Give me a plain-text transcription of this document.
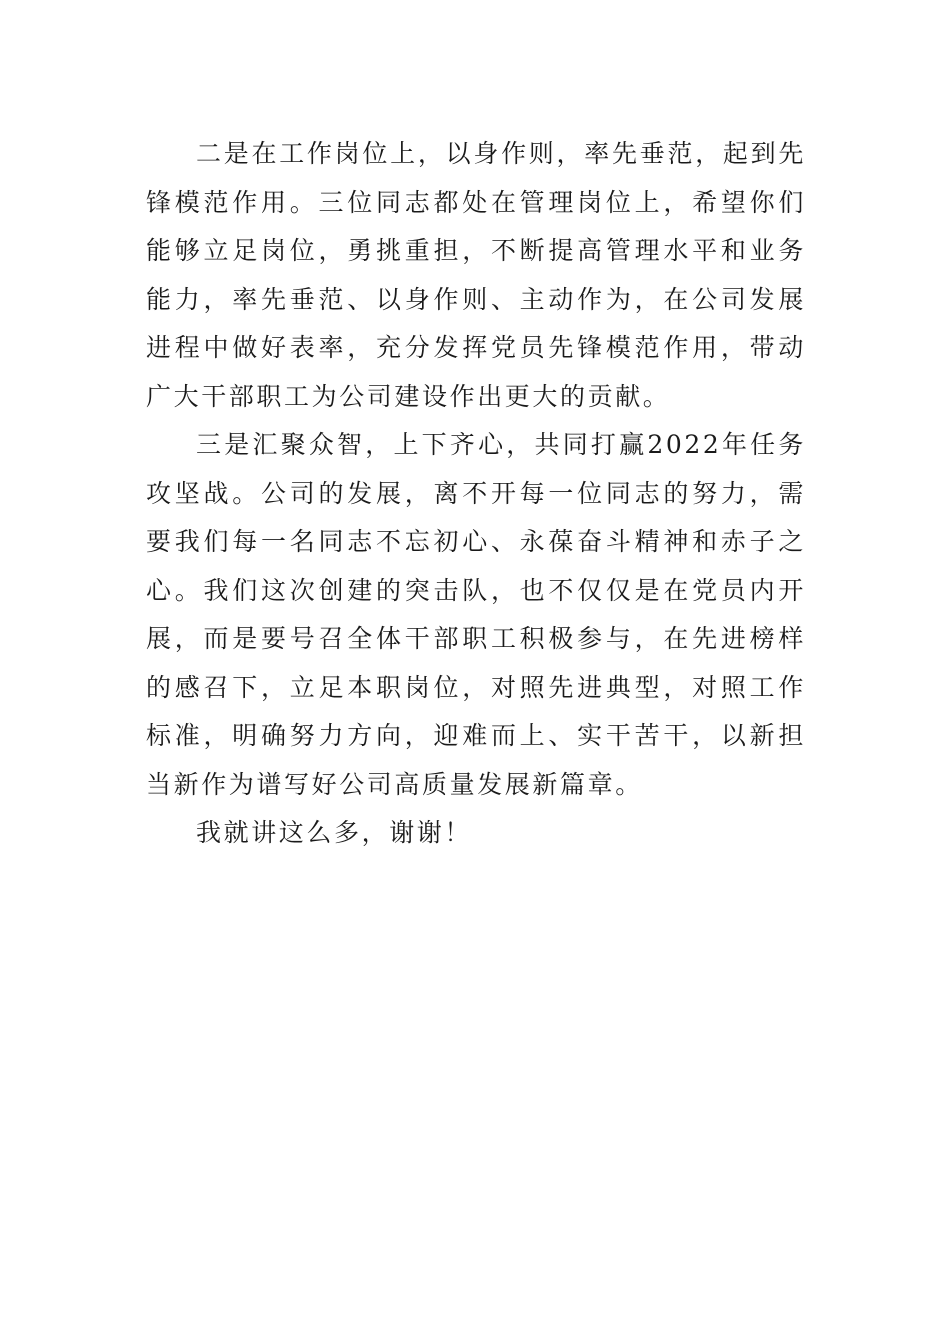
二是在工作岗位上，以身作则，率先垂范，起到先锋模范作用。三位同志都处在管理岗位上，希望你们能够立足岗位，勇挑重担，不断提高管理水平和业务能力，率先垂范、以身作则、主动作为，在公司发展进程中做好表率，充分发挥党员先锋模范作用，带动广大干部职工为公司建设作出更大的贡献。

三是汇聚众智，上下齐心，共同打赢2022年任务攻坚战。公司的发展，离不开每一位同志的努力，需要我们每一名同志不忘初心、永葆奋斗精神和赤子之心。我们这次创建的突击队，也不仅仅是在党员内开展，而是要号召全体干部职工积极参与，在先进榜样的感召下，立足本职岗位，对照先进典型，对照工作标准，明确努力方向，迎难而上、实干苦干，以新担当新作为谱写好公司高质量发展新篇章。

我就讲这么多，谢谢！
